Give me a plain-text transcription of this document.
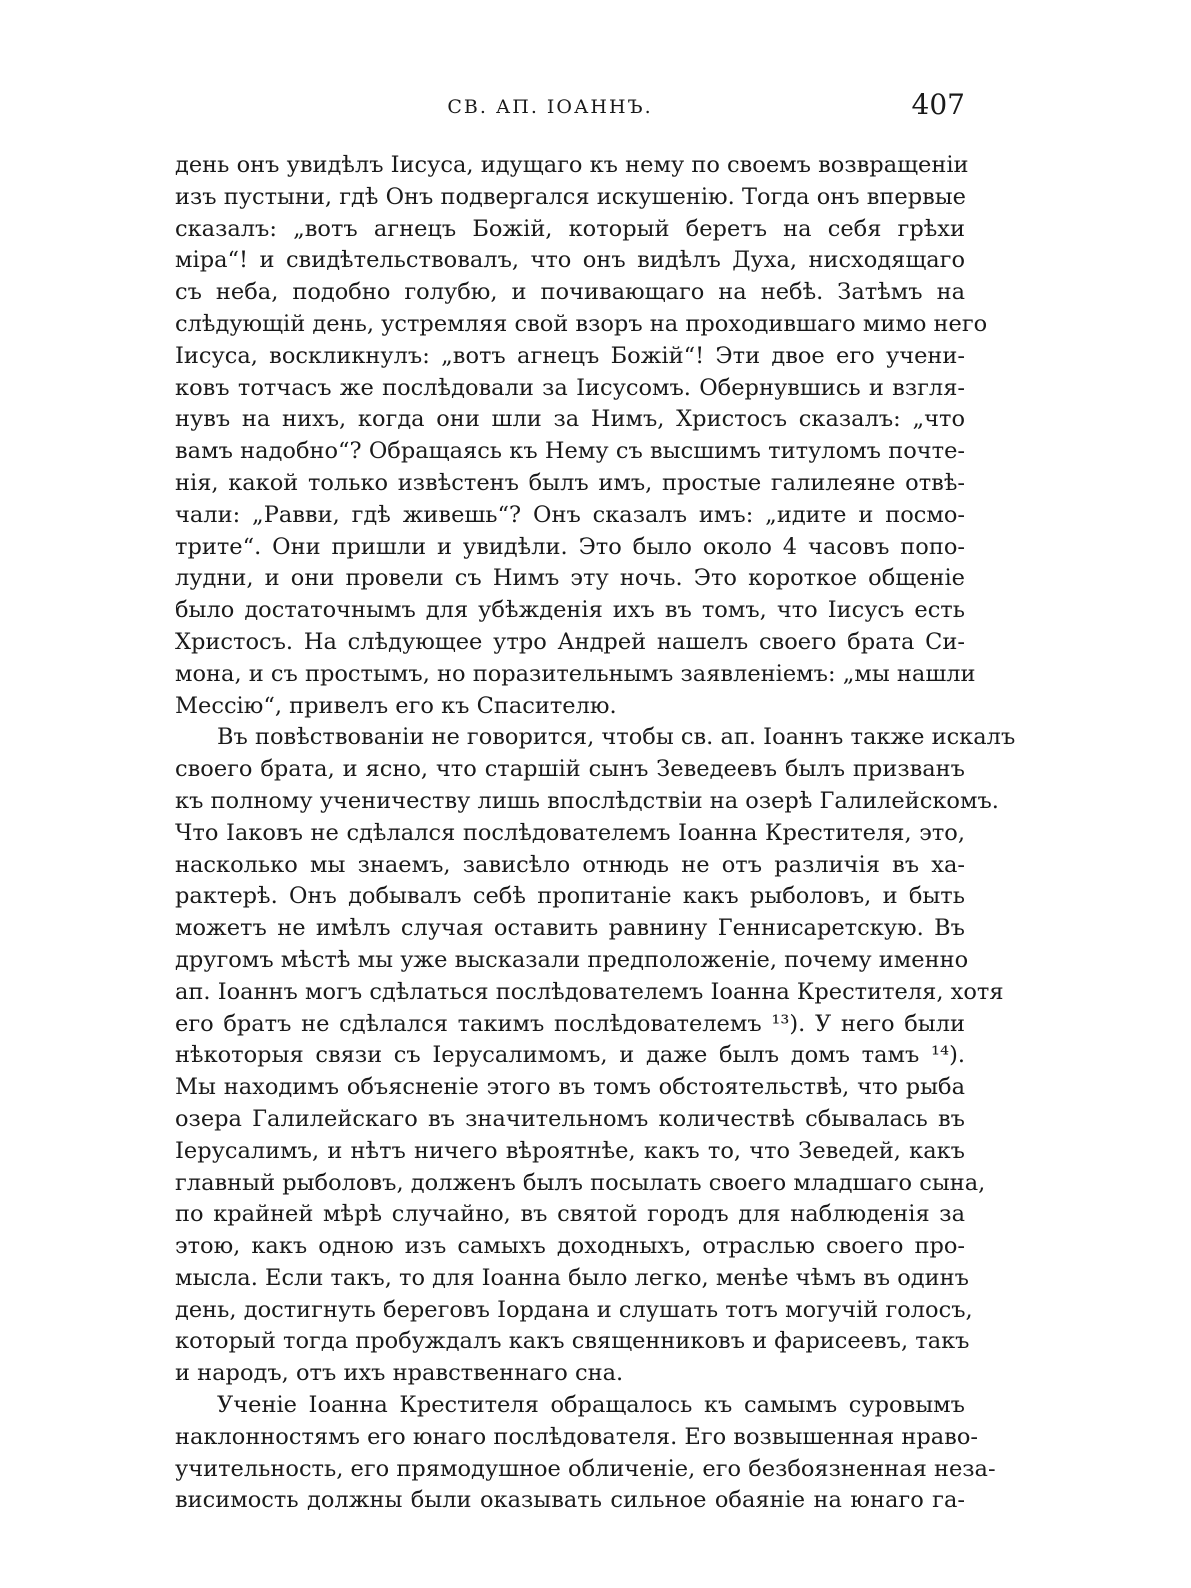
СВ. АП. IОАННЪ.	407
день онъ увидѣлъ Iисуса, идущаго къ нему по своемъ возвращенiи
изъ пустыни, гдѣ Онъ подвергался искушенiю. Тогда онъ впервые
сказалъ: „вотъ агнецъ Божiй, который беретъ на себя грѣхи
мiра“! и свидѣтельствовалъ, что онъ видѣлъ Духа, нисходящаго
съ неба, подобно голубю, и почивающаго на небѣ. Затѣмъ на
слѣдующiй день, устремляя свой взоръ на проходившаго мимо него
Iисуса, воскликнулъ: „вотъ агнецъ Божiй“! Эти двое его учени-
ковъ тотчасъ же послѣдовали за Iисусомъ. Обернувшись и взгля-
нувъ на нихъ, когда они шли за Нимъ, Христосъ сказалъ: „что
вамъ надобно“? Обращаясь къ Нему съ высшимъ титуломъ почте-
нiя, какой только извѣстенъ былъ имъ, простые галилеяне отвѣ-
чали: „Равви, гдѣ живешь“? Онъ сказалъ имъ: „идите и посмо-
трите“. Они пришли и увидѣли. Это было около 4 часовъ попо-
лудни, и они провели съ Нимъ эту ночь. Это короткое общенiе
было достаточнымъ для убѣжденiя ихъ въ томъ, что Iисусъ есть
Христосъ. На слѣдующее утро Андрей нашелъ своего брата Си-
мона, и съ простымъ, но поразительнымъ заявленiемъ: „мы нашли
Мессiю“, привелъ его къ Спасителю.
Въ повѣствованiи не говорится, чтобы св. ап. Iоаннъ также искалъ
своего брата, и ясно, что старшiй сынъ Зеведеевъ былъ призванъ
къ полному ученичеству лишь впослѣдствiи на озерѣ Галилейскомъ.
Что Iаковъ не сдѣлался послѣдователемъ Iоанна Крестителя, это,
насколько мы знаемъ, зависѣло отнюдь не отъ различiя въ ха-
рактерѣ. Онъ добывалъ себѣ пропитанiе какъ рыболовъ, и быть
можетъ не имѣлъ случая оставить равнину Геннисаретскую. Въ
другомъ мѣстѣ мы уже высказали предположенiе, почему именно
ап. Iоаннъ могъ сдѣлаться послѣдователемъ Iоанна Крестителя, хотя
его братъ не сдѣлался такимъ послѣдователемъ ¹³). У него были
нѣкоторыя связи съ Iерусалимомъ, и даже былъ домъ тамъ ¹⁴).
Мы находимъ объясненiе этого въ томъ обстоятельствѣ, что рыба
озера Галилейскаго въ значительномъ количествѣ сбывалась въ
Iерусалимъ, и нѣтъ ничего вѣроятнѣе, какъ то, что Зеведей, какъ
главный рыболовъ, долженъ былъ посылать своего младшаго сына,
по крайней мѣрѣ случайно, въ святой городъ для наблюденiя за
этою, какъ одною изъ самыхъ доходныхъ, отраслью своего про-
мысла. Если такъ, то для Iоанна было легко, менѣе чѣмъ въ одинъ
день, достигнуть береговъ Iордана и слушать тотъ могучiй голосъ,
который тогда пробуждалъ какъ священниковъ и фарисеевъ, такъ
и народъ, отъ ихъ нравственнаго сна.
Ученiе Iоанна Крестителя обращалось къ самымъ суровымъ
наклонностямъ его юнаго послѣдователя. Его возвышенная нраво-
учительность, его прямодушное обличенiе, его безбоязненная неза-
висимость должны были оказывать сильное обаянiе на юнаго га-
